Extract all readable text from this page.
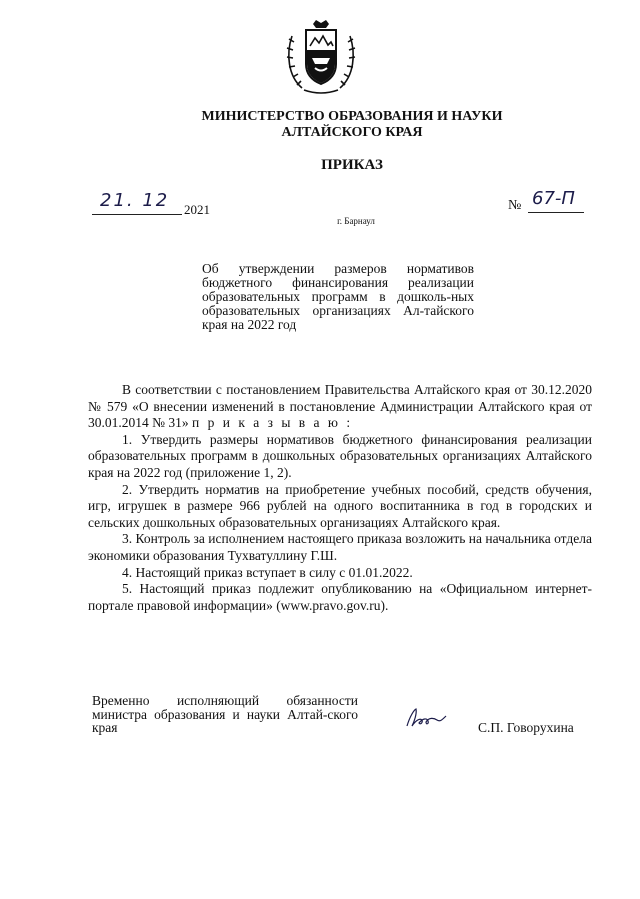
МИНИСТЕРСТВО ОБРАЗОВАНИЯ И НАУКИ
АЛТАЙСКОГО КРАЯ
ПРИКАЗ
21. 12 2021	№ 67-П
г. Барнаул
Об утверждении размеров нормативов бюджетного финансирования реализации образовательных программ в дошколь-ных образовательных организациях Ал-тайского края на 2022 год

В соответствии с постановлением Правительства Алтайского края от 30.12.2020 № 579 «О внесении изменений в постановление Администрации Алтайского края от 30.01.2014 № 31» п р и к а з ы в а ю :

1. Утвердить размеры нормативов бюджетного финансирования реализации образовательных программ в дошкольных образовательных организациях Алтайского края на 2022 год (приложение 1, 2).

2. Утвердить норматив на приобретение учебных пособий, средств обучения, игр, игрушек в размере 966 рублей на одного воспитанника в год в городских и сельских дошкольных образовательных организациях Алтайского края.

3. Контроль за исполнением настоящего приказа возложить на начальника отдела экономики образования Тухватуллину Г.Ш.

4. Настоящий приказ вступает в силу с 01.01.2022.

5. Настоящий приказ подлежит опубликованию на «Официальном интернет-портале правовой информации» (www.pravo.gov.ru).

Временно исполняющий обязанности министра образования и науки Алтай-ского края	С.П. Говорухина
